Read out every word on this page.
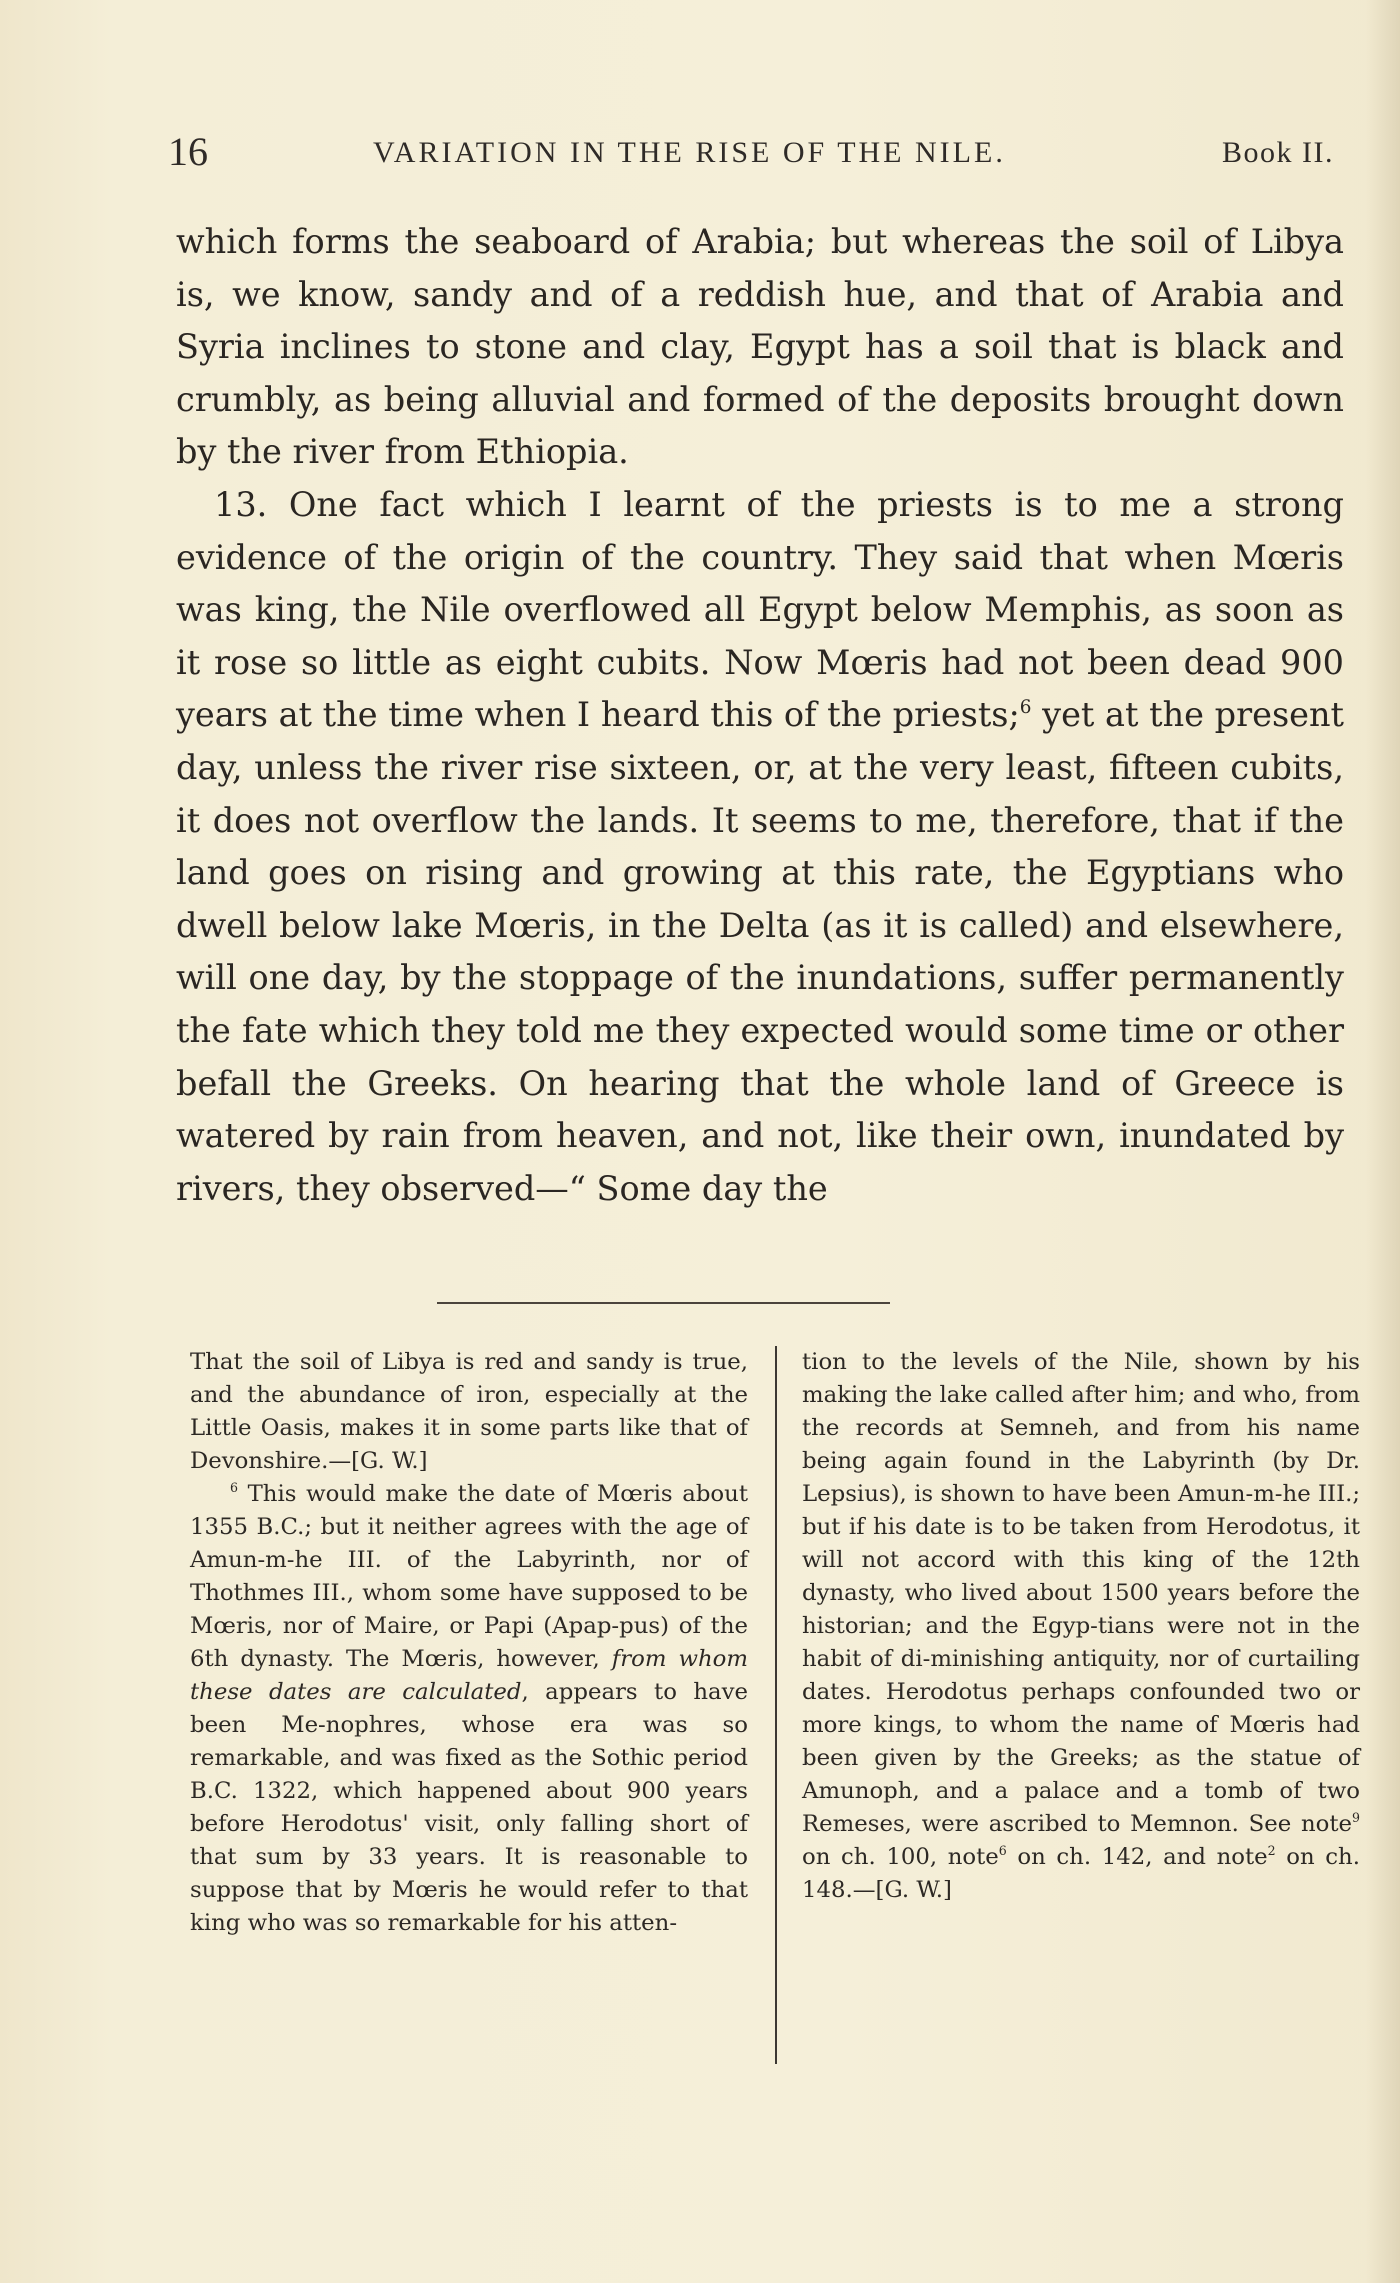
16	VARIATION IN THE RISE OF THE NILE.	Book II.

which forms the seaboard of Arabia; but whereas the soil of Libya is, we know, sandy and of a reddish hue, and that of Arabia and Syria inclines to stone and clay, Egypt has a soil that is black and crumbly, as being alluvial and formed of the deposits brought down by the river from Ethiopia.

13. One fact which I learnt of the priests is to me a strong evidence of the origin of the country. They said that when Mœris was king, the Nile overflowed all Egypt below Memphis, as soon as it rose so little as eight cubits. Now Mœris had not been dead 900 years at the time when I heard this of the priests;$^6$ yet at the present day, unless the river rise sixteen, or, at the very least, fifteen cubits, it does not overflow the lands. It seems to me, therefore, that if the land goes on rising and growing at this rate, the Egyptians who dwell below lake Mœris, in the Delta (as it is called) and elsewhere, will one day, by the stoppage of the inundations, suffer permanently the fate which they told me they expected would some time or other befall the Greeks. On hearing that the whole land of Greece is watered by rain from heaven, and not, like their own, inundated by rivers, they observed—“ Some day the

That the soil of Libya is red and sandy is true, and the abundance of iron, especially at the Little Oasis, makes it in some parts like that of Devonshire.—[G. W.]

$^6$ This would make the date of Mœris about 1355 B.C.; but it neither agrees with the age of Amun-m-he III. of the Labyrinth, nor of Thothmes III., whom some have supposed to be Mœris, nor of Maire, or Papi (Apap-pus) of the 6th dynasty. The Mœris, however, from whom these dates are calculated, appears to have been Me-nophres, whose era was so remarkable, and was fixed as the Sothic period B.C. 1322, which happened about 900 years before Herodotus' visit, only falling short of that sum by 33 years. It is reasonable to suppose that by Mœris he would refer to that king who was so remarkable for his atten-

tion to the levels of the Nile, shown by his making the lake called after him; and who, from the records at Semneh, and from his name being again found in the Labyrinth (by Dr. Lepsius), is shown to have been Amun-m-he III.; but if his date is to be taken from Herodotus, it will not accord with this king of the 12th dynasty, who lived about 1500 years before the historian; and the Egyp-tians were not in the habit of di-minishing antiquity, nor of curtailing dates. Herodotus perhaps confounded two or more kings, to whom the name of Mœris had been given by the Greeks; as the statue of Amunoph, and a palace and a tomb of two Remeses, were ascribed to Memnon. See note$^9$ on ch. 100, note$^6$ on ch. 142, and note$^2$ on ch. 148.—[G. W.]
